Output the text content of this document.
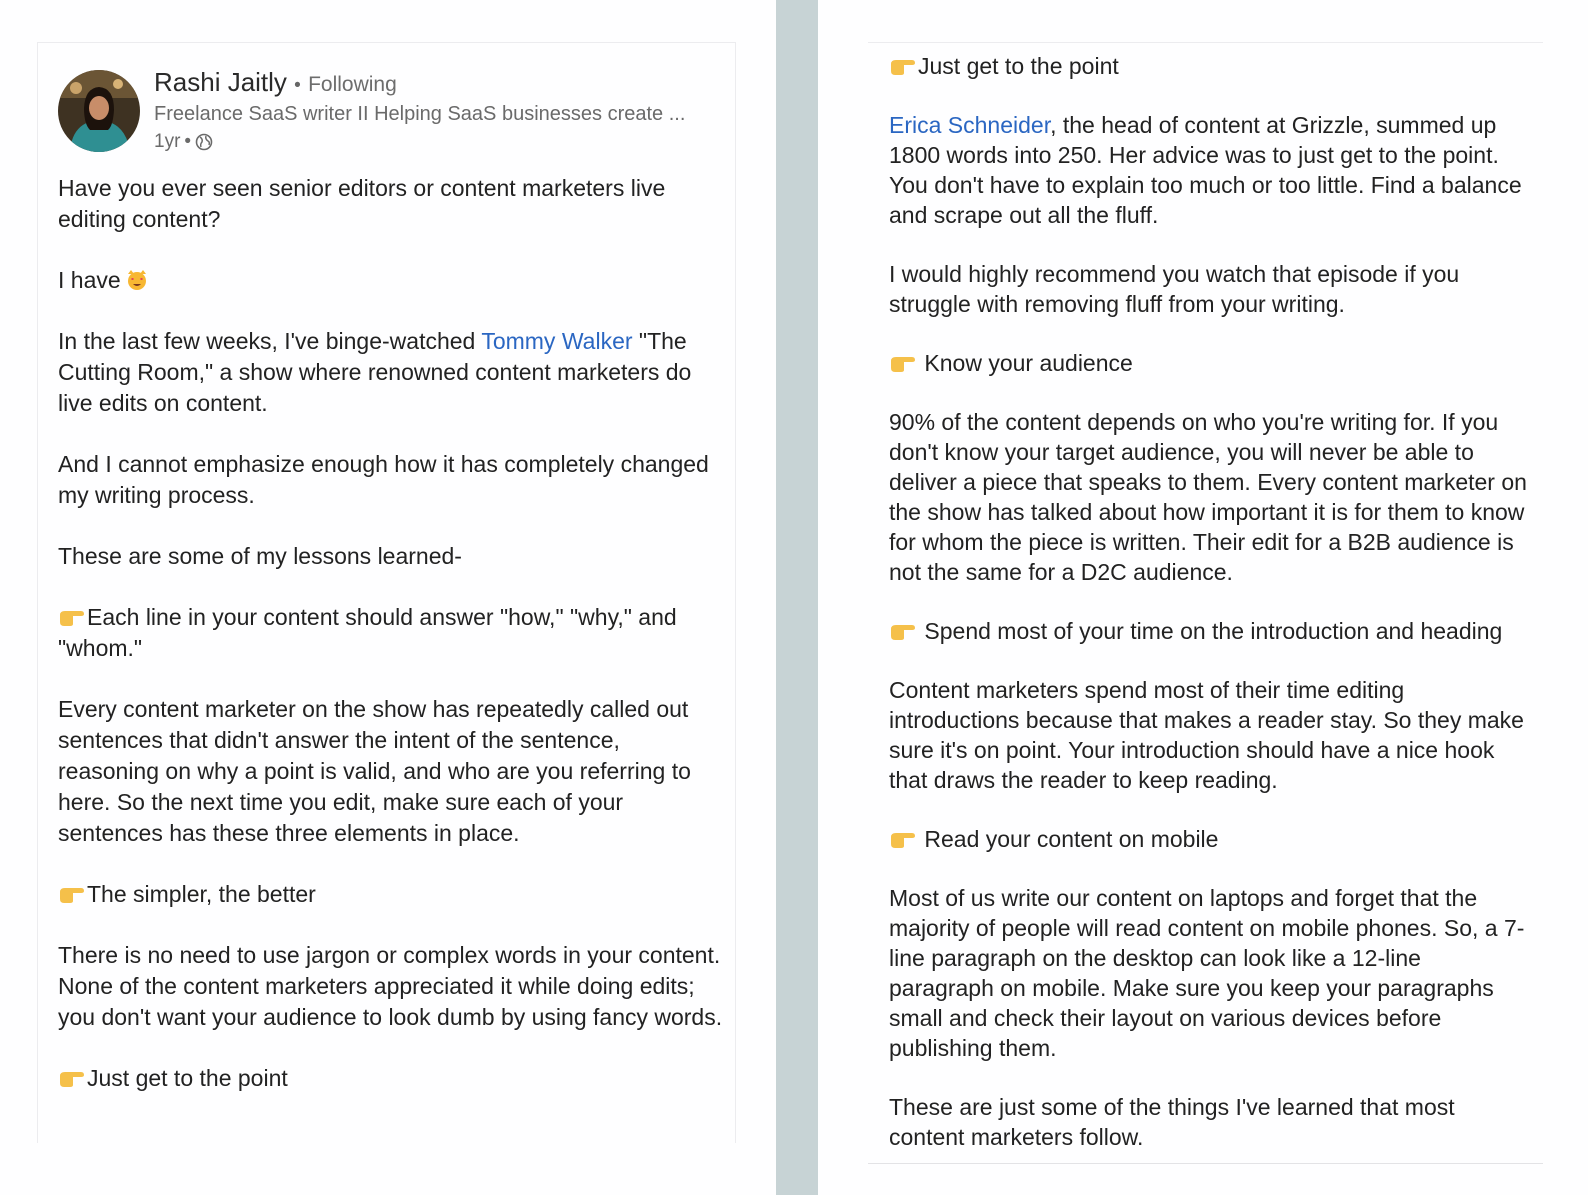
Rashi Jaitly • Following
Freelance SaaS writer II Helping SaaS businesses create ...
1yr •

Have you ever seen senior editors or content marketers live editing content?

I have

In the last few weeks, I've binge-watched Tommy Walker "The Cutting Room," a show where renowned content marketers do live edits on content.

And I cannot emphasize enough how it has completely changed my writing process.

These are some of my lessons learned-

Each line in your content should answer "how," "why," and "whom."

Every content marketer on the show has repeatedly called out sentences that didn't answer the intent of the sentence, reasoning on why a point is valid, and who are you referring to here. So the next time you edit, make sure each of your sentences has these three elements in place.

The simpler, the better

There is no need to use jargon or complex words in your content. None of the content marketers appreciated it while doing edits; you don't want your audience to look dumb by using fancy words.

Just get to the point

Just get to the point

Erica Schneider, the head of content at Grizzle, summed up 1800 words into 250. Her advice was to just get to the point. You don't have to explain too much or too little. Find a balance and scrape out all the fluff.

I would highly recommend you watch that episode if you struggle with removing fluff from your writing.

Know your audience

90% of the content depends on who you're writing for. If you don't know your target audience, you will never be able to deliver a piece that speaks to them. Every content marketer on the show has talked about how important it is for them to know for whom the piece is written. Their edit for a B2B audience is not the same for a D2C audience.

Spend most of your time on the introduction and heading

Content marketers spend most of their time editing introductions because that makes a reader stay. So they make sure it's on point. Your introduction should have a nice hook that draws the reader to keep reading.

Read your content on mobile

Most of us write our content on laptops and forget that the majority of people will read content on mobile phones. So, a 7-line paragraph on the desktop can look like a 12-line paragraph on mobile. Make sure you keep your paragraphs small and check their layout on various devices before publishing them.

These are just some of the things I've learned that most content marketers follow.
